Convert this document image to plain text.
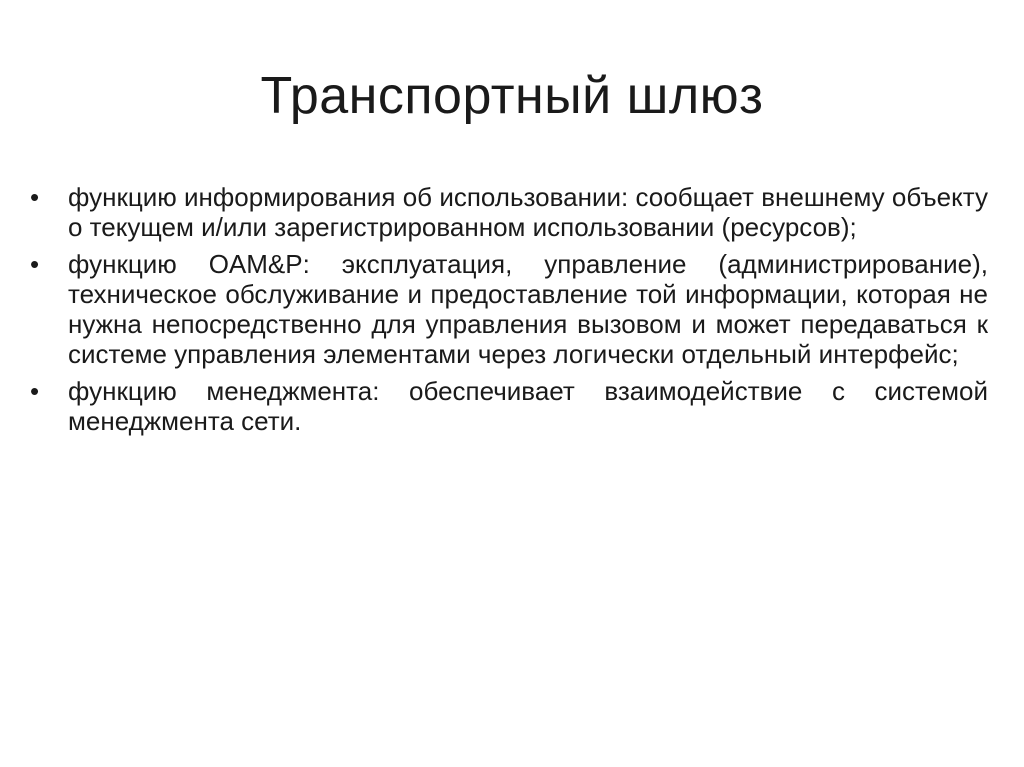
Транспортный шлюз
•	функцию информирования об использовании: сообщает внешнему объекту о текущем и/или зарегистрированном использовании (ресурсов);
•	функцию OAM&P: эксплуатация, управление (администрирование), техническое обслуживание и предоставление той информации, которая не нужна непосредственно для управления вызовом и может передаваться к системе управления элементами через логически отдельный интерфейс;
•	функцию менеджмента: обеспечивает взаимодействие с системой менеджмента сети.
